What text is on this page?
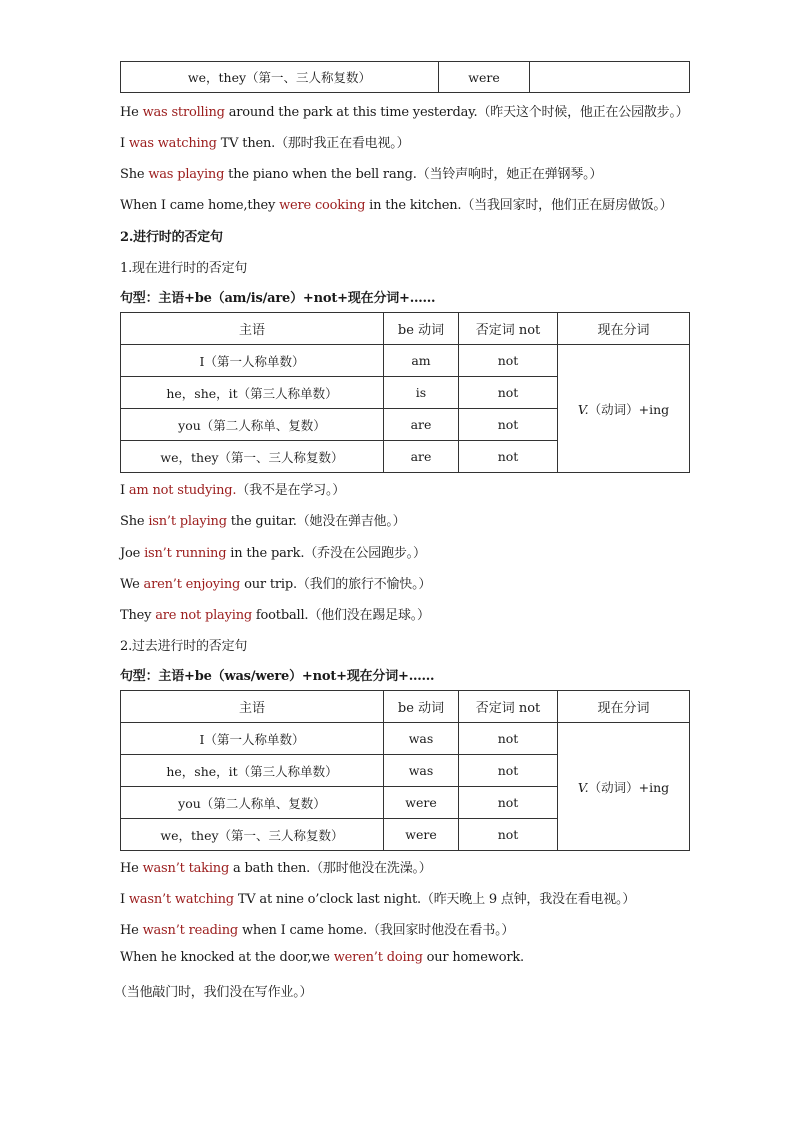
we，they（第一、三人称复数）	were	
He was strolling around the park at this time yesterday.（昨天这个时候，他正在公园散步。）
I was watching TV then.（那时我正在看电视。）
She was playing the piano when the bell rang.（当铃声响时，她正在弹钢琴。）
When I came home,they were cooking in the kitchen.（当我回家时，他们正在厨房做饭。）
2.进行时的否定句
1.现在进行时的否定句
句型：主语+be（am/is/are）+not+现在分词+……
主语	be 动词	否定词 not	现在分词
I（第一人称单数）	am	not	V.（动词）+ing
he，she，it（第三人称单数）	is	not	
you（第二人称单、复数）	are	not	
we，they（第一、三人称复数）	are	not	
I am not studying.（我不是在学习。）
She isn’t playing the guitar.（她没在弹吉他。）
Joe isn’t running in the park.（乔没在公园跑步。）
We aren’t enjoying our trip.（我们的旅行不愉快。）
They are not playing football.（他们没在踢足球。）
2.过去进行时的否定句
句型：主语+be（was/were）+not+现在分词+……
主语	be 动词	否定词 not	现在分词
I（第一人称单数）	was	not	V.（动词）+ing
he，she，it（第三人称单数）	was	not	
you（第二人称单、复数）	were	not	
we，they（第一、三人称复数）	were	not	
He wasn’t taking a bath then.（那时他没在洗澡。）
I wasn’t watching TV at nine o’clock last night.（昨天晚上 9 点钟，我没在看电视。）
He wasn’t reading when I came home.（我回家时他没在看书。）
When he knocked at the door,we weren’t doing our homework.
（当他敲门时，我们没在写作业。）
